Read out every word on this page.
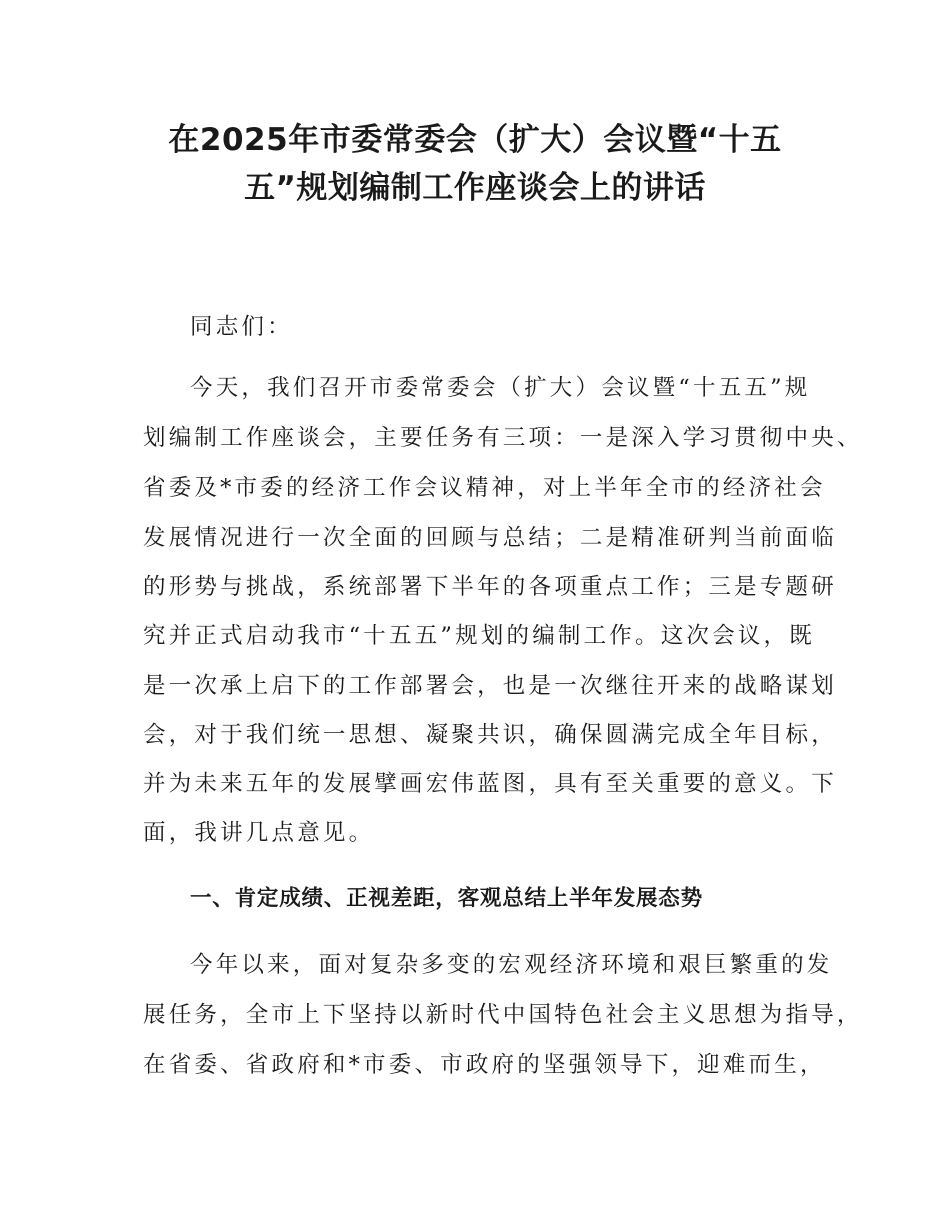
在2025年市委常委会（扩大）会议暨“十五
五”规划编制工作座谈会上的讲话

同志们：

今天，我们召开市委常委会（扩大）会议暨“十五五”规

划编制工作座谈会，主要任务有三项：一是深入学习贯彻中央、

省委及*市委的经济工作会议精神，对上半年全市的经济社会

发展情况进行一次全面的回顾与总结；二是精准研判当前面临

的形势与挑战，系统部署下半年的各项重点工作；三是专题研

究并正式启动我市“十五五”规划的编制工作。这次会议，既

是一次承上启下的工作部署会，也是一次继往开来的战略谋划

会，对于我们统一思想、凝聚共识，确保圆满完成全年目标，

并为未来五年的发展擘画宏伟蓝图，具有至关重要的意义。下

面，我讲几点意见。

一、肯定成绩、正视差距，客观总结上半年发展态势

今年以来，面对复杂多变的宏观经济环境和艰巨繁重的发

展任务，全市上下坚持以新时代中国特色社会主义思想为指导，

在省委、省政府和*市委、市政府的坚强领导下，迎难而生，
